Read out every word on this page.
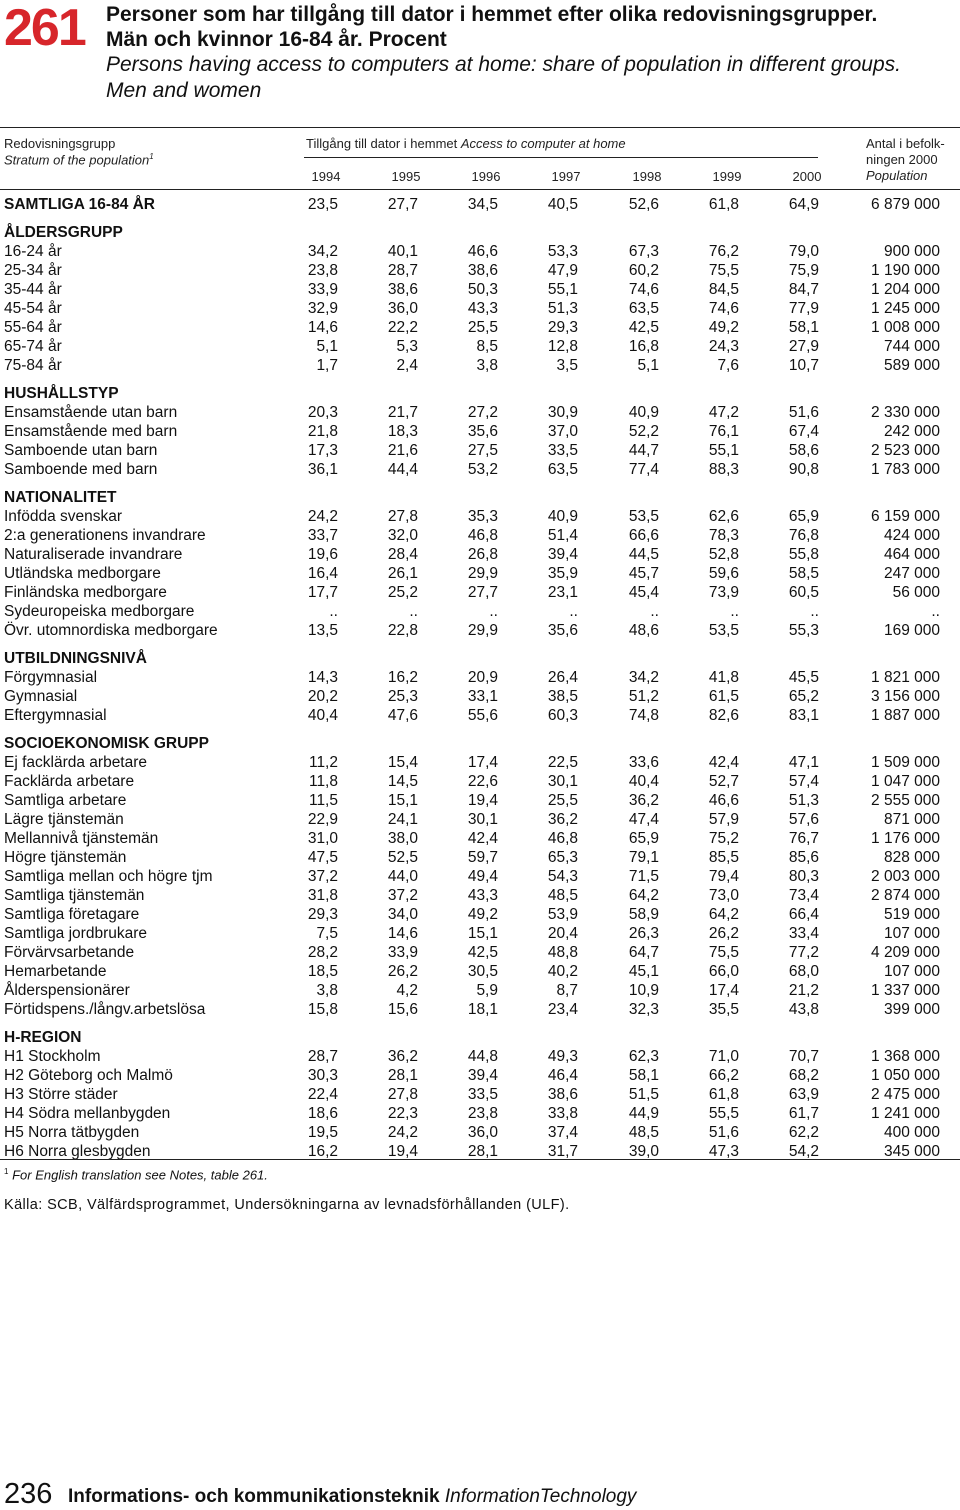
261 Personer som har tillgång till dator i hemmet efter olika redovisningsgrupper.
Män och kvinnor 16-84 år. Procent
Persons having access to computers at home: share of population in different groups.
Men and women
Redovisningsgrupp
Stratum of the population$^1$
Tillgång till dator i hemmet Access to computer at home	Antal i befolk-
ningen 2000
Population
1994	1995	1996	1997	1998	1999	2000
SAMTLIGA 16-84 ÅR	23,5	27,7	34,5	40,5	52,6	61,8	64,9	6 879 000
ÅLDERSGRUPP
16-24 år	34,2	40,1	46,6	53,3	67,3	76,2	79,0	900 000
25-34 år	23,8	28,7	38,6	47,9	60,2	75,5	75,9	1 190 000
35-44 år	33,9	38,6	50,3	55,1	74,6	84,5	84,7	1 204 000
45-54 år	32,9	36,0	43,3	51,3	63,5	74,6	77,9	1 245 000
55-64 år	14,6	22,2	25,5	29,3	42,5	49,2	58,1	1 008 000
65-74 år	5,1	5,3	8,5	12,8	16,8	24,3	27,9	744 000
75-84 år	1,7	2,4	3,8	3,5	5,1	7,6	10,7	589 000
HUSHÅLLSTYP
Ensamstående utan barn	20,3	21,7	27,2	30,9	40,9	47,2	51,6	2 330 000
Ensamstående med barn	21,8	18,3	35,6	37,0	52,2	76,1	67,4	242 000
Samboende utan barn	17,3	21,6	27,5	33,5	44,7	55,1	58,6	2 523 000
Samboende med barn	36,1	44,4	53,2	63,5	77,4	88,3	90,8	1 783 000
NATIONALITET
Infödda svenskar	24,2	27,8	35,3	40,9	53,5	62,6	65,9	6 159 000
2:a generationens invandrare	33,7	32,0	46,8	51,4	66,6	78,3	76,8	424 000
Naturaliserade invandrare	19,6	28,4	26,8	39,4	44,5	52,8	55,8	464 000
Utländska medborgare	16,4	26,1	29,9	35,9	45,7	59,6	58,5	247 000
Finländska medborgare	17,7	25,2	27,7	23,1	45,4	73,9	60,5	56 000
Sydeuropeiska medborgare	..	..	..	..	..	..	..	..
Övr. utomnordiska medborgare	13,5	22,8	29,9	35,6	48,6	53,5	55,3	169 000
UTBILDNINGSNIVÅ
Förgymnasial	14,3	16,2	20,9	26,4	34,2	41,8	45,5	1 821 000
Gymnasial	20,2	25,3	33,1	38,5	51,2	61,5	65,2	3 156 000
Eftergymnasial	40,4	47,6	55,6	60,3	74,8	82,6	83,1	1 887 000
SOCIOEKONOMISK GRUPP
Ej facklärda arbetare	11,2	15,4	17,4	22,5	33,6	42,4	47,1	1 509 000
Facklärda arbetare	11,8	14,5	22,6	30,1	40,4	52,7	57,4	1 047 000
Samtliga arbetare	11,5	15,1	19,4	25,5	36,2	46,6	51,3	2 555 000
Lägre tjänstemän	22,9	24,1	30,1	36,2	47,4	57,9	57,6	871 000
Mellannivå tjänstemän	31,0	38,0	42,4	46,8	65,9	75,2	76,7	1 176 000
Högre tjänstemän	47,5	52,5	59,7	65,3	79,1	85,5	85,6	828 000
Samtliga mellan och högre tjm	37,2	44,0	49,4	54,3	71,5	79,4	80,3	2 003 000
Samtliga tjänstemän	31,8	37,2	43,3	48,5	64,2	73,0	73,4	2 874 000
Samtliga företagare	29,3	34,0	49,2	53,9	58,9	64,2	66,4	519 000
Samtliga jordbrukare	7,5	14,6	15,1	20,4	26,3	26,2	33,4	107 000
Förvärvsarbetande	28,2	33,9	42,5	48,8	64,7	75,5	77,2	4 209 000
Hemarbetande	18,5	26,2	30,5	40,2	45,1	66,0	68,0	107 000
Ålderspensionärer	3,8	4,2	5,9	8,7	10,9	17,4	21,2	1 337 000
Förtidspens./långv.arbetslösa	15,8	15,6	18,1	23,4	32,3	35,5	43,8	399 000
H-REGION
H1 Stockholm	28,7	36,2	44,8	49,3	62,3	71,0	70,7	1 368 000
H2 Göteborg och Malmö	30,3	28,1	39,4	46,4	58,1	66,2	68,2	1 050 000
H3 Större städer	22,4	27,8	33,5	38,6	51,5	61,8	63,9	2 475 000
H4 Södra mellanbygden	18,6	22,3	23,8	33,8	44,9	55,5	61,7	1 241 000
H5 Norra tätbygden	19,5	24,2	36,0	37,4	48,5	51,6	62,2	400 000
H6 Norra glesbygden	16,2	19,4	28,1	31,7	39,0	47,3	54,2	345 000
$^1$ For English translation see Notes, table 261.
Källa: SCB, Välfärdsprogrammet, Undersökningarna av levnadsförhållanden (ULF).
236 Informations- och kommunikationsteknik InformationTechnology
